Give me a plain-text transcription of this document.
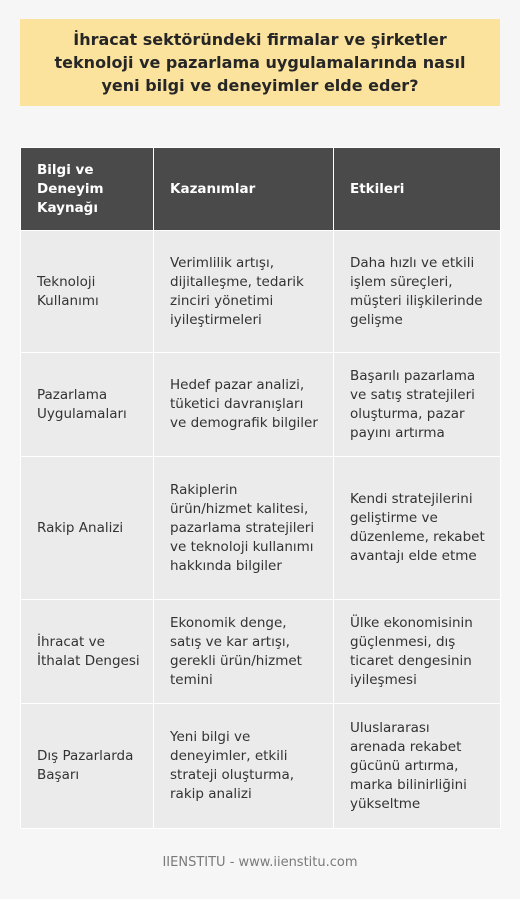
İhracat sektöründeki firmalar ve şirketler teknoloji ve pazarlama uygulamalarında nasıl yeni bilgi ve deneyimler elde eder?
Bilgi ve Deneyim Kaynağı	Kazanımlar	Etkileri
Teknoloji Kullanımı	Verimlilik artışı, dijitalleşme, tedarik zinciri yönetimi iyileştirmeleri	Daha hızlı ve etkili işlem süreçleri, müşteri ilişkilerinde gelişme
Pazarlama Uygulamaları	Hedef pazar analizi, tüketici davranışları ve demografik bilgiler	Başarılı pazarlama ve satış stratejileri oluşturma, pazar payını artırma
Rakip Analizi	Rakiplerin ürün/hizmet kalitesi, pazarlama stratejileri ve teknoloji kullanımı hakkında bilgiler	Kendi stratejilerini geliştirme ve düzenleme, rekabet avantajı elde etme
İhracat ve İthalat Dengesi	Ekonomik denge, satış ve kar artışı, gerekli ürün/hizmet temini	Ülke ekonomisinin güçlenmesi, dış ticaret dengesinin iyileşmesi
Dış Pazarlarda Başarı	Yeni bilgi ve deneyimler, etkili strateji oluşturma, rakip analizi	Uluslararası arenada rekabet gücünü artırma, marka bilinirliğini yükseltme
IIENSTITU - www.iienstitu.com
